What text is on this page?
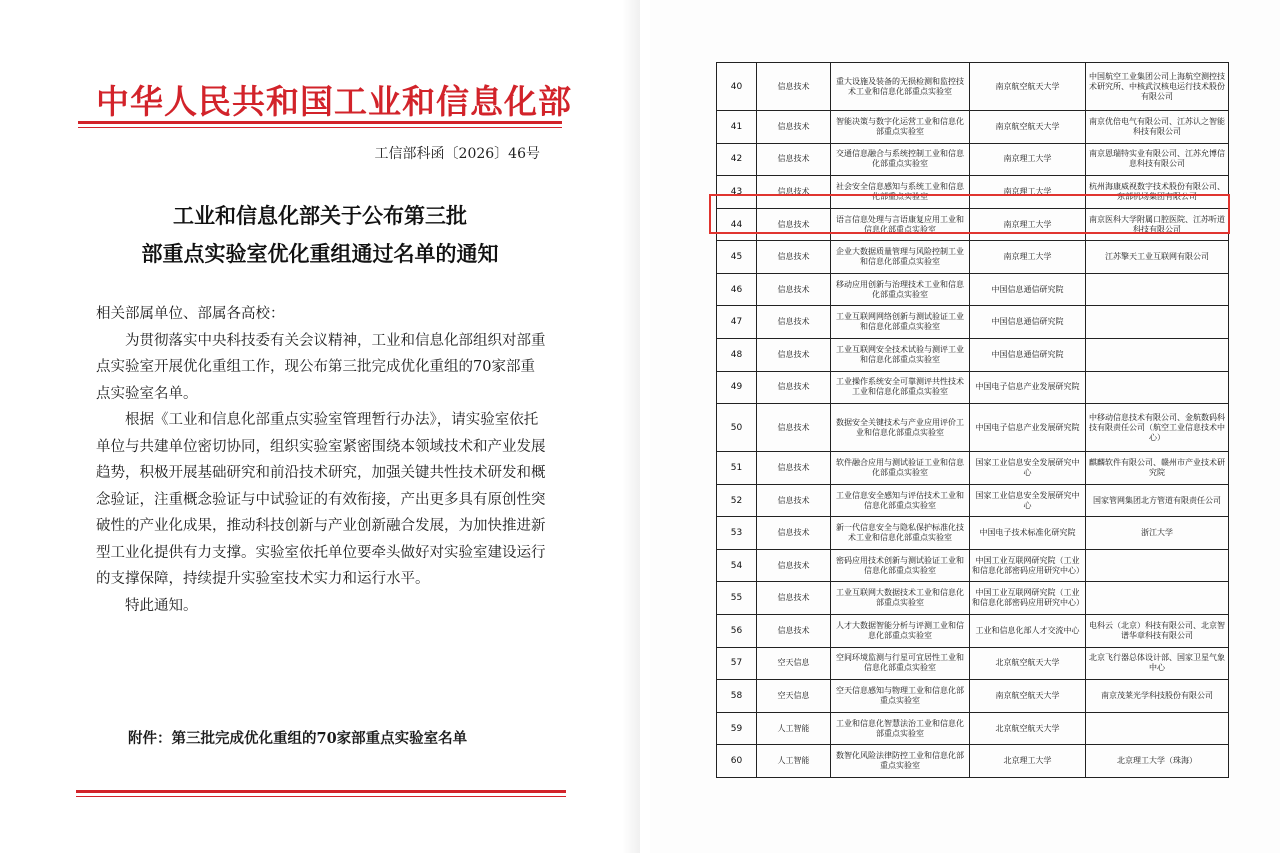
中华人民共和国工业和信息化部
工信部科函〔2026〕46号
工业和信息化部关于公布第三批
部重点实验室优化重组通过名单的通知

相关部属单位、部属各高校：

为贯彻落实中央科技委有关会议精神，工业和信息化部组织对部重点实验室开展优化重组工作，现公布第三批完成优化重组的70家部重点实验室名单。

根据《工业和信息化部重点实验室管理暂行办法》，请实验室依托单位与共建单位密切协同，组织实验室紧密围绕本领域技术和产业发展趋势，积极开展基础研究和前沿技术研究，加强关键共性技术研发和概念验证，注重概念验证与中试验证的有效衔接，产出更多具有原创性突破性的产业化成果，推动科技创新与产业创新融合发展，为加快推进新型工业化提供有力支撑。实验室依托单位要牵头做好对实验室建设运行的支撑保障，持续提升实验室技术实力和运行水平。

特此通知。

附件：第三批完成优化重组的70家部重点实验室名单
40	信息技术	重大设施及装备的无损检测和监控技术工业和信息化部重点实验室	南京航空航天大学	中国航空工业集团公司上海航空测控技术研究所、中核武汉核电运行技术股份有限公司
41	信息技术	智能决策与数字化运营工业和信息化部重点实验室	南京航空航天大学	南京优倍电气有限公司、江苏认之智能科技有限公司
42	信息技术	交通信息融合与系统控制工业和信息化部重点实验室	南京理工大学	南京恩瑞特实业有限公司、江苏允博信息科技有限公司
43	信息技术	社会安全信息感知与系统工业和信息化部重点实验室	南京理工大学	杭州海康威视数字技术股份有限公司、东部机场集团有限公司
44	信息技术	语言信息处理与言语康复应用工业和信息化部重点实验室	南京理工大学	南京医科大学附属口腔医院、江苏听道科技有限公司
45	信息技术	企业大数据质量管理与风险控制工业和信息化部重点实验室	南京理工大学	江苏擎天工业互联网有限公司
46	信息技术	移动应用创新与治理技术工业和信息化部重点实验室	中国信息通信研究院	
47	信息技术	工业互联网网络创新与测试验证工业和信息化部重点实验室	中国信息通信研究院	
48	信息技术	工业互联网安全技术试验与测评工业和信息化部重点实验室	中国信息通信研究院	
49	信息技术	工业操作系统安全可靠测评共性技术工业和信息化部重点实验室	中国电子信息产业发展研究院	
50	信息技术	数据安全关键技术与产业应用评价工业和信息化部重点实验室	中国电子信息产业发展研究院	中移动信息技术有限公司、金航数码科技有限责任公司（航空工业信息技术中心）
51	信息技术	软件融合应用与测试验证工业和信息化部重点实验室	国家工业信息安全发展研究中心	麒麟软件有限公司、赣州市产业技术研究院
52	信息技术	工业信息安全感知与评估技术工业和信息化部重点实验室	国家工业信息安全发展研究中心	国家管网集团北方管道有限责任公司
53	信息技术	新一代信息安全与隐私保护标准化技术工业和信息化部重点实验室	中国电子技术标准化研究院	浙江大学
54	信息技术	密码应用技术创新与测试验证工业和信息化部重点实验室	中国工业互联网研究院（工业和信息化部密码应用研究中心）	
55	信息技术	工业互联网大数据技术工业和信息化部重点实验室	中国工业互联网研究院（工业和信息化部密码应用研究中心）	
56	信息技术	人才大数据智能分析与评测工业和信息化部重点实验室	工业和信息化部人才交流中心	电科云（北京）科技有限公司、北京智谱华章科技有限公司
57	空天信息	空间环境监测与行星可宜居性工业和信息化部重点实验室	北京航空航天大学	北京飞行器总体设计部、国家卫星气象中心
58	空天信息	空天信息感知与物理工业和信息化部重点实验室	南京航空航天大学	南京茂莱光学科技股份有限公司
59	人工智能	工业和信息化智慧法治工业和信息化部重点实验室	北京航空航天大学	
60	人工智能	数智化风险法律防控工业和信息化部重点实验室	北京理工大学	北京理工大学（珠海）
